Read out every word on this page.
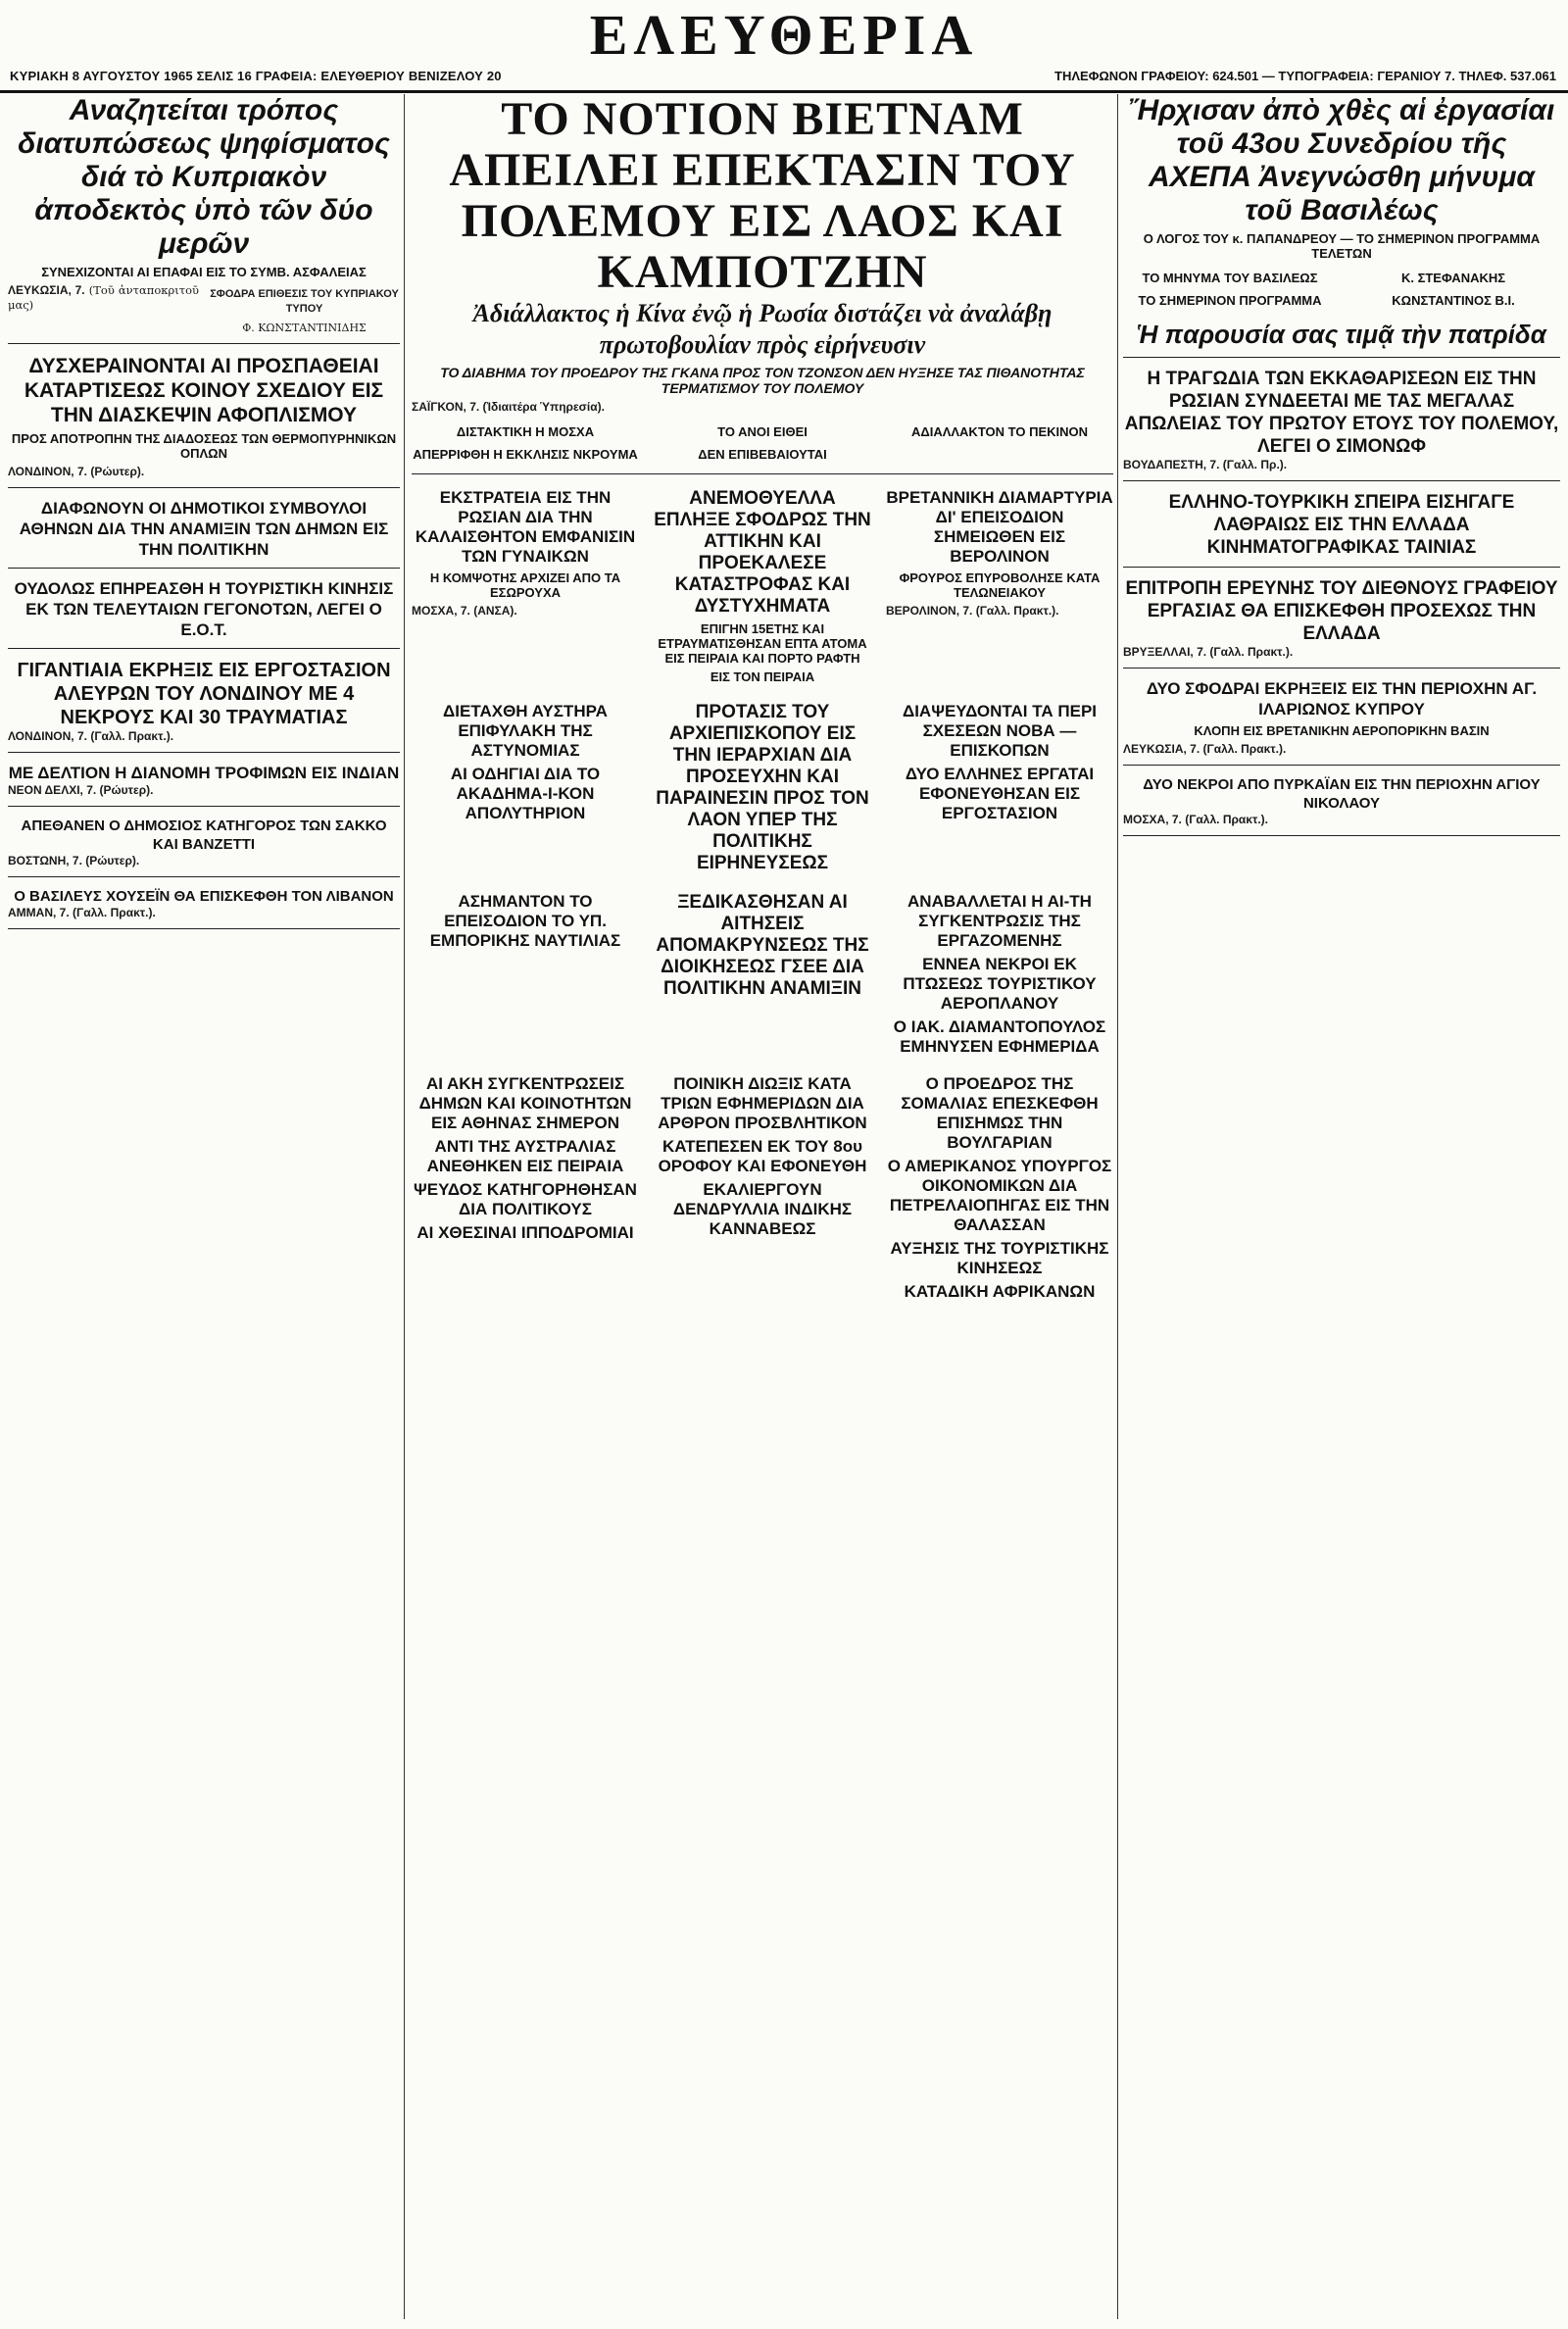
ΚΥΡΙΑΚΗ 8 ΑΥΓΟΥΣΤΟΥ 1965 ΣΕΛΙΣ 16 ΓΡΑΦΕΙΑ: ΕΛΕΥΘΕΡΙΟΥ ΒΕΝΙΖΕΛΟΥ 20
ΕΛΕΥΘΕΡΙΑ
ΤΗΛΕΦΩΝΟΝ ΓΡΑΦΕΙΟΥ: 624.501 — ΤΥΠΟΓΡΑΦΕΙΑ: ΓΕΡΑΝΙΟΥ 7. ΤΗΛΕΦ. 537.061
Αναζητείται τρόπος διατυπώσεως ψηφίσματος διά τὸ Κυπριακὸν ἀποδεκτὸς ὑπὸ τῶν δύο μερῶν
ΣΥΝΕΧΙΖΟΝΤΑΙ ΑΙ ΕΠΑΦΑΙ ΕΙΣ ΤΟ ΣΥΜΒ. ΑΣΦΑΛΕΙΑΣ
ΛΕΥΚΩΣΙΑ, 7. (Τοῦ ἀνταποκριτοῦ μας)
ΣΦΟΔΡΑ ΕΠΙΘΕΣΙΣ ΤΟΥ ΚΥΠΡΙΑΚΟΥ ΤΥΠΟΥ
Φ. ΚΩΝΣΤΑΝΤΙΝΙΔΗΣ
ΔΥΣΧΕΡΑΙΝΟΝΤΑΙ ΑΙ ΠΡΟΣΠΑΘΕΙΑΙ ΚΑΤΑΡΤΙΣΕΩΣ ΚΟΙΝΟΥ ΣΧΕΔΙΟΥ ΕΙΣ ΤΗΝ ΔΙΑΣΚΕΨΙΝ ΑΦΟΠΛΙΣΜΟΥ
ΠΡΟΣ ΑΠΟΤΡΟΠΗΝ ΤΗΣ ΔΙΑΔΟΣΕΩΣ ΤΩΝ ΘΕΡΜΟΠΥΡΗΝΙΚΩΝ ΟΠΛΩΝ
ΛΟΝΔΙΝΟΝ, 7. (Ρώυτερ).
ΔΙΑΦΩΝΟΥΝ ΟΙ ΔΗΜΟΤΙΚΟΙ ΣΥΜΒΟΥΛΟΙ ΑΘΗΝΩΝ ΔΙΑ ΤΗΝ ΑΝΑΜΙΞΙΝ ΤΩΝ ΔΗΜΩΝ ΕΙΣ ΤΗΝ ΠΟΛΙΤΙΚΗΝ
ΟΥΔΟΛΩΣ ΕΠΗΡΕΑΣΘΗ Η ΤΟΥΡΙΣΤΙΚΗ ΚΙΝΗΣΙΣ ΕΚ ΤΩΝ ΤΕΛΕΥΤΑΙΩΝ ΓΕΓΟΝΟΤΩΝ, ΛΕΓΕΙ Ο Ε.Ο.Τ.
ΓΙΓΑΝΤΙΑΙΑ ΕΚΡΗΞΙΣ ΕΙΣ ΕΡΓΟΣΤΑΣΙΟΝ ΑΛΕΥΡΩΝ ΤΟΥ ΛΟΝΔΙΝΟΥ ΜΕ 4 ΝΕΚΡΟΥΣ ΚΑΙ 30 ΤΡΑΥΜΑΤΙΑΣ
ΛΟΝΔΙΝΟΝ, 7. (Γαλλ. Πρακτ.).
ΜΕ ΔΕΛΤΙΟΝ Η ΔΙΑΝΟΜΗ ΤΡΟΦΙΜΩΝ ΕΙΣ ΙΝΔΙΑΝ
ΝΕΟΝ ΔΕΛΧΙ, 7. (Ρώυτερ).
ΑΠΕΘΑΝΕΝ Ο ΔΗΜΟΣΙΟΣ ΚΑΤΗΓΟΡΟΣ ΤΩΝ ΣΑΚΚΟ ΚΑΙ ΒΑΝΖΕΤΤΙ
ΒΟΣΤΩΝΗ, 7. (Ρώυτερ).
Ο ΒΑΣΙΛΕΥΣ ΧΟΥΣΕΪΝ ΘΑ ΕΠΙΣΚΕΦΘΗ ΤΟΝ ΛΙΒΑΝΟΝ
ΑΜΜΑΝ, 7. (Γαλλ. Πρακτ.).
ΤΟ ΝΟΤΙΟΝ ΒΙΕΤΝΑΜ ΑΠΕΙΛΕΙ ΕΠΕΚΤΑΣΙΝ ΤΟΥ ΠΟΛΕΜΟΥ ΕΙΣ ΛΑΟΣ ΚΑΙ ΚΑΜΠΟΤΖΗΝ
Ἀδιάλλακτος ἡ Κίνα ἐνῷ ἡ Ρωσία διστάζει νὰ ἀναλάβῃ πρωτοβουλίαν πρὸς εἰρήνευσιν
ΤΟ ΔΙΑΒΗΜΑ ΤΟΥ ΠΡΟΕΔΡΟΥ ΤΗΣ ΓΚΑΝΑ ΠΡΟΣ ΤΟΝ ΤΖΟΝΣΟΝ ΔΕΝ ΗΥΞΗΣΕ ΤΑΣ ΠΙΘΑΝΟΤΗΤΑΣ ΤΕΡΜΑΤΙΣΜΟΥ ΤΟΥ ΠΟΛΕΜΟΥ
ΣΑΪΓΚΟΝ, 7. (Ἰδιαιτέρα Ὑπηρεσία).
ΔΙΣΤΑΚΤΙΚΗ Η ΜΟΣΧΑ	ΤΟ ΑΝΟΙ ΕΙΘΕΙ	ΑΔΙΑΛΛΑΚΤΟΝ ΤΟ ΠΕΚΙΝΟΝ
ΑΠΕΡΡΙΦΘΗ Η ΕΚΚΛΗΣΙΣ ΝΚΡΟΥΜΑ	ΔΕΝ ΕΠΙΒΕΒΑΙΟΥΤΑΙ
ΕΚΣΤΡΑΤΕΙΑ ΕΙΣ ΤΗΝ ΡΩΣΙΑΝ ΔΙΑ ΤΗΝ ΚΑΛΑΙΣΘΗΤΟΝ ΕΜΦΑΝΙΣΙΝ ΤΩΝ ΓΥΝΑΙΚΩΝ
Η ΚΟΜΨΟΤΗΣ ΑΡΧΙΖΕΙ ΑΠΟ ΤΑ ΕΣΩΡΟΥΧΑ
ΜΟΣΧΑ, 7. (ΑΝΣΑ).
ΑΝΕΜΟΘΥΕΛΛΑ ΕΠΛΗΞΕ ΣΦΟΔΡΩΣ ΤΗΝ ΑΤΤΙΚΗΝ ΚΑΙ ΠΡΟΕΚΑΛΕΣΕ ΚΑΤΑΣΤΡΟΦΑΣ ΚΑΙ ΔΥΣΤΥΧΗΜΑΤΑ
ΕΠΙΓΗΝ 15ΕΤΗΣ ΚΑΙ ΕΤΡΑΥΜΑΤΙΣΘΗΣΑΝ ΕΠΤΑ ΑΤΟΜΑ ΕΙΣ ΠΕΙΡΑΙΑ ΚΑΙ ΠΟΡΤΟ ΡΑΦΤΗ
ΕΙΣ ΤΟΝ ΠΕΙΡΑΙΑ
ΒΡΕΤΑΝΝΙΚΗ ΔΙΑΜΑΡΤΥΡΙΑ ΔΙ' ΕΠΕΙΣΟΔΙΟΝ ΣΗΜΕΙΩΘΕΝ ΕΙΣ ΒΕΡΟΛΙΝΟΝ
ΦΡΟΥΡΟΣ ΕΠΥΡΟΒΟΛΗΣΕ ΚΑΤΑ ΤΕΛΩΝΕΙΑΚΟΥ
ΒΕΡΟΛΙΝΟΝ, 7. (Γαλλ. Πρακτ.).
ΔΙΕΤΑΧΘΗ ΑΥΣΤΗΡΑ ΕΠΙΦΥΛΑΚΗ ΤΗΣ ΑΣΤΥΝΟΜΙΑΣ
ΑΙ ΟΔΗΓΙΑΙ ΔΙΑ ΤΟ ΑΚΑΔΗΜΑ-Ι-ΚΟΝ ΑΠΟΛΥΤΗΡΙΟΝ
ΠΡΟΤΑΣΙΣ ΤΟΥ ΑΡΧΙΕΠΙΣΚΟΠΟΥ ΕΙΣ ΤΗΝ ΙΕΡΑΡΧΙΑΝ ΔΙΑ ΠΡΟΣΕΥΧΗΝ ΚΑΙ ΠΑΡΑΙΝΕΣΙΝ ΠΡΟΣ ΤΟΝ ΛΑΟΝ ΥΠΕΡ ΤΗΣ ΠΟΛΙΤΙΚΗΣ ΕΙΡΗΝΕΥΣΕΩΣ
ΔΙΑΨΕΥΔΟΝΤΑΙ ΤΑ ΠΕΡΙ ΣΧΕΣΕΩΝ ΝΟΒΑ — ΕΠΙΣΚΟΠΩΝ
ΔΥΟ ΕΛΛΗΝΕΣ ΕΡΓΑΤΑΙ ΕΦΟΝΕΥΘΗΣΑΝ ΕΙΣ ΕΡΓΟΣΤΑΣΙΟΝ
ΑΣΗΜΑΝΤΟΝ ΤΟ ΕΠΕΙΣΟΔΙΟΝ ΤΟ ΥΠ. ΕΜΠΟΡΙΚΗΣ ΝΑΥΤΙΛΙΑΣ
ΞΕΔΙΚΑΣΘΗΣΑΝ ΑΙ ΑΙΤΗΣΕΙΣ ΑΠΟΜΑΚΡΥΝΣΕΩΣ ΤΗΣ ΔΙΟΙΚΗΣΕΩΣ ΓΣΕΕ ΔΙΑ ΠΟΛΙΤΙΚΗΝ ΑΝΑΜΙΞΙΝ
ΑΝΑΒΑΛΛΕΤΑΙ Η ΑΙ-ΤΗ ΣΥΓΚΕΝΤΡΩΣΙΣ ΤΗΣ ΕΡΓΑΖΟΜΕΝΗΣ
ΕΝΝΕΑ ΝΕΚΡΟΙ ΕΚ ΠΤΩΣΕΩΣ ΤΟΥΡΙΣΤΙΚΟΥ ΑΕΡΟΠΛΑΝΟΥ
Ο ΙΑΚ. ΔΙΑΜΑΝΤΟΠΟΥΛΟΣ ΕΜΗΝΥΣΕΝ ΕΦΗΜΕΡΙΔΑ
ΑΙ ΑΚΗ ΣΥΓΚΕΝΤΡΩΣΕΙΣ ΔΗΜΩΝ ΚΑΙ ΚΟΙΝΟΤΗΤΩΝ ΕΙΣ ΑΘΗΝΑΣ ΣΗΜΕΡΟΝ
ΑΝΤΙ ΤΗΣ ΑΥΣΤΡΑΛΙΑΣ ΑΝΕΘΗΚΕΝ ΕΙΣ ΠΕΙΡΑΙΑ
ΨΕΥΔΟΣ ΚΑΤΗΓΟΡΗΘΗΣΑΝ ΔΙΑ ΠΟΛΙΤΙΚΟΥΣ
ΑΙ ΧΘΕΣΙΝΑΙ ΙΠΠΟΔΡΟΜΙΑΙ
ΠΟΙΝΙΚΗ ΔΙΩΞΙΣ ΚΑΤΑ ΤΡΙΩΝ ΕΦΗΜΕΡΙΔΩΝ ΔΙΑ ΑΡΘΡΟΝ ΠΡΟΣΒΛΗΤΙΚΟΝ
ΚΑΤΕΠΕΣΕΝ ΕΚ ΤΟΥ 8ου ΟΡΟΦΟΥ ΚΑΙ ΕΦΟΝΕΥΘΗ
ΕΚΑΛΙΕΡΓΟΥΝ ΔΕΝΔΡΥΛΛΙΑ ΙΝΔΙΚΗΣ ΚΑΝΝΑΒΕΩΣ
Ο ΠΡΟΕΔΡΟΣ ΤΗΣ ΣΟΜΑΛΙΑΣ ΕΠΕΣΚΕΦΘΗ ΕΠΙΣΗΜΩΣ ΤΗΝ ΒΟΥΛΓΑΡΙΑΝ
Ο ΑΜΕΡΙΚΑΝΟΣ ΥΠΟΥΡΓΟΣ ΟΙΚΟΝΟΜΙΚΩΝ ΔΙΑ ΠΕΤΡΕΛΑΙΟΠΗΓΑΣ ΕΙΣ ΤΗΝ ΘΑΛΑΣΣΑΝ
ΑΥΞΗΣΙΣ ΤΗΣ ΤΟΥΡΙΣΤΙΚΗΣ ΚΙΝΗΣΕΩΣ
ΚΑΤΑΔΙΚΗ ΑΦΡΙΚΑΝΩΝ
Ἤρχισαν ἀπὸ χθὲς αἱ ἐργασίαι τοῦ 43ου Συνεδρίου τῆς ΑΧΕΠΑ Ἀνεγνώσθη μήνυμα τοῦ Βασιλέως
Ο ΛΟΓΟΣ ΤΟΥ κ. ΠΑΠΑΝΔΡΕΟΥ — ΤΟ ΣΗΜΕΡΙΝΟΝ ΠΡΟΓΡΑΜΜΑ ΤΕΛΕΤΩΝ
ΤΟ ΜΗΝΥΜΑ ΤΟΥ ΒΑΣΙΛΕΩΣ	Κ. ΣΤΕΦΑΝΑΚΗΣ
ΤΟ ΣΗΜΕΡΙΝΟΝ ΠΡΟΓΡΑΜΜΑ	ΚΩΝΣΤΑΝΤΙΝΟΣ Β.Ι.
Ἡ παρουσία σας τιμᾷ τὴν πατρίδα
Η ΤΡΑΓΩΔΙΑ ΤΩΝ ΕΚΚΑΘΑΡΙΣΕΩΝ ΕΙΣ ΤΗΝ ΡΩΣΙΑΝ ΣΥΝΔΕΕΤΑΙ ΜΕ ΤΑΣ ΜΕΓΑΛΑΣ ΑΠΩΛΕΙΑΣ ΤΟΥ ΠΡΩΤΟΥ ΕΤΟΥΣ ΤΟΥ ΠΟΛΕΜΟΥ, ΛΕΓΕΙ Ο ΣΙΜΟΝΩΦ
ΒΟΥΔΑΠΕΣΤΗ, 7. (Γαλλ. Πρ.).
ΕΛΛΗΝΟ-ΤΟΥΡΚΙΚΗ ΣΠΕΙΡΑ ΕΙΣΗΓΑΓΕ ΛΑΘΡΑΙΩΣ ΕΙΣ ΤΗΝ ΕΛΛΑΔΑ ΚΙΝΗΜΑΤΟΓΡΑΦΙΚΑΣ ΤΑΙΝΙΑΣ
ΕΠΙΤΡΟΠΗ ΕΡΕΥΝΗΣ ΤΟΥ ΔΙΕΘΝΟΥΣ ΓΡΑΦΕΙΟΥ ΕΡΓΑΣΙΑΣ ΘΑ ΕΠΙΣΚΕΦΘΗ ΠΡΟΣΕΧΩΣ ΤΗΝ ΕΛΛΑΔΑ
ΒΡΥΞΕΛΛΑΙ, 7. (Γαλλ. Πρακτ.).
ΔΥΟ ΣΦΟΔΡΑΙ ΕΚΡΗΞΕΙΣ ΕΙΣ ΤΗΝ ΠΕΡΙΟΧΗΝ ΑΓ. ΙΛΑΡΙΩΝΟΣ ΚΥΠΡΟΥ
ΚΛΟΠΗ ΕΙΣ ΒΡΕΤΑΝΙΚΗΝ ΑΕΡΟΠΟΡΙΚΗΝ ΒΑΣΙΝ
ΛΕΥΚΩΣΙΑ, 7. (Γαλλ. Πρακτ.).
ΔΥΟ ΝΕΚΡΟΙ ΑΠΟ ΠΥΡΚΑΪΑΝ ΕΙΣ ΤΗΝ ΠΕΡΙΟΧΗΝ ΑΓΙΟΥ ΝΙΚΟΛΑΟΥ
ΜΟΣΧΑ, 7. (Γαλλ. Πρακτ.).
